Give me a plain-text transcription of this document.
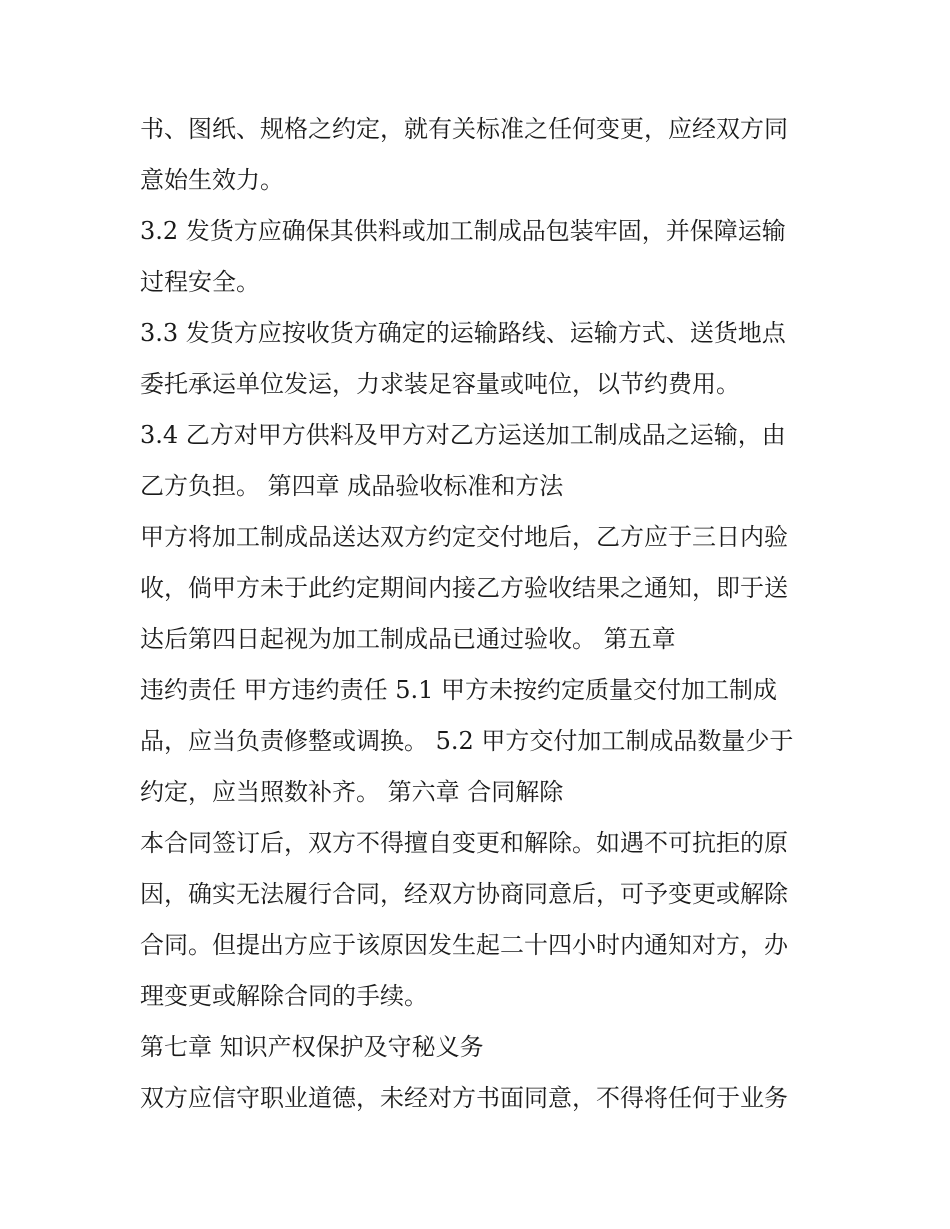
书、图纸、规格之约定，就有关标准之任何变更，应经双方同

意始生效力。

3.2 发货方应确保其供料或加工制成品包装牢固，并保障运输

过程安全。

3.3 发货方应按收货方确定的运输路线、运输方式、送货地点

委托承运单位发运，力求装足容量或吨位，以节约费用。

3.4 乙方对甲方供料及甲方对乙方运送加工制成品之运输，由

乙方负担。 第四章 成品验收标准和方法

甲方将加工制成品送达双方约定交付地后，乙方应于三日内验

收，倘甲方未于此约定期间内接乙方验收结果之通知，即于送

达后第四日起视为加工制成品已通过验收。 第五章

违约责任 甲方违约责任 5.1 甲方未按约定质量交付加工制成

品，应当负责修整或调换。 5.2 甲方交付加工制成品数量少于

约定，应当照数补齐。 第六章 合同解除

本合同签订后，双方不得擅自变更和解除。如遇不可抗拒的原

因，确实无法履行合同，经双方协商同意后，可予变更或解除

合同。但提出方应于该原因发生起二十四小时内通知对方，办

理变更或解除合同的手续。

第七章 知识产权保护及守秘义务

双方应信守职业道德，未经对方书面同意，不得将任何于业务
